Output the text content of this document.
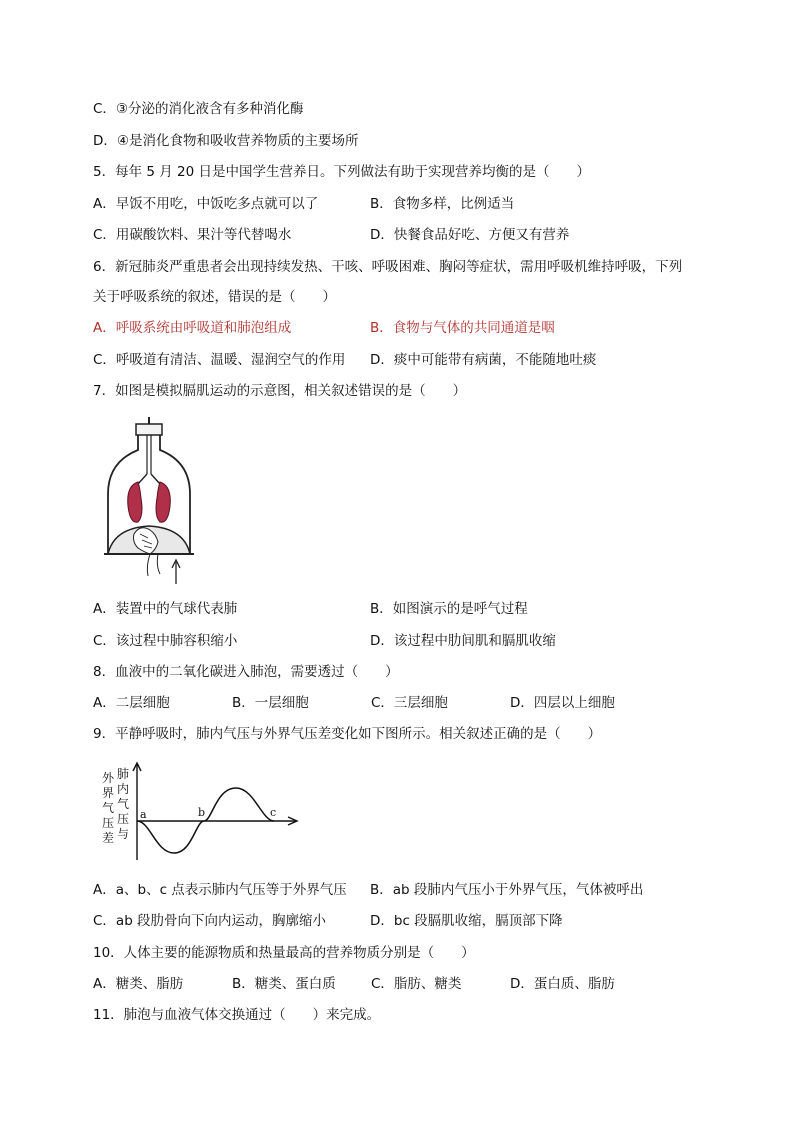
C．③分泌的消化液含有多种消化酶
D．④是消化食物和吸收营养物质的主要场所
5．每年 5 月 20 日是中国学生营养日。下列做法有助于实现营养均衡的是（　　）
A．早饭不用吃，中饭吃多点就可以了	B．食物多样，比例适当
C．用碳酸饮料、果汁等代替喝水	D．快餐食品好吃、方便又有营养
6．新冠肺炎严重患者会出现持续发热、干咳、呼吸困难、胸闷等症状，需用呼吸机维持呼吸，下列
关于呼吸系统的叙述，错误的是（　　）
A．呼吸系统由呼吸道和肺泡组成	B．食物与气体的共同通道是咽
C．呼吸道有清洁、温暖、湿润空气的作用 D．痰中可能带有病菌，不能随地吐痰
7．如图是模拟膈肌运动的示意图，相关叙述错误的是（　　）
A．装置中的气球代表肺	B．如图演示的是呼气过程
C．该过程中肺容积缩小	D．该过程中肋间肌和膈肌收缩
8．血液中的二氧化碳进入肺泡，需要透过（　　）
A．二层细胞	B．一层细胞	C．三层细胞	D．四层以上细胞
9．平静呼吸时，肺内气压与外界气压差变化如下图所示。相关叙述正确的是（　　）
外
界
气
压
差
肺
内
气
压
与
a	b	c
A．a、b、c 点表示肺内气压等于外界气压 B．ab 段肺内气压小于外界气压，气体被呼出
C．ab 段肋骨向下向内运动，胸廓缩小	D．bc 段膈肌收缩，膈顶部下降
10．人体主要的能源物质和热量最高的营养物质分别是（　　）
A．糖类、脂肪	B．糖类、蛋白质	C．脂肪、糖类	D．蛋白质、脂肪
11．肺泡与血液气体交换通过（　　）来完成。
